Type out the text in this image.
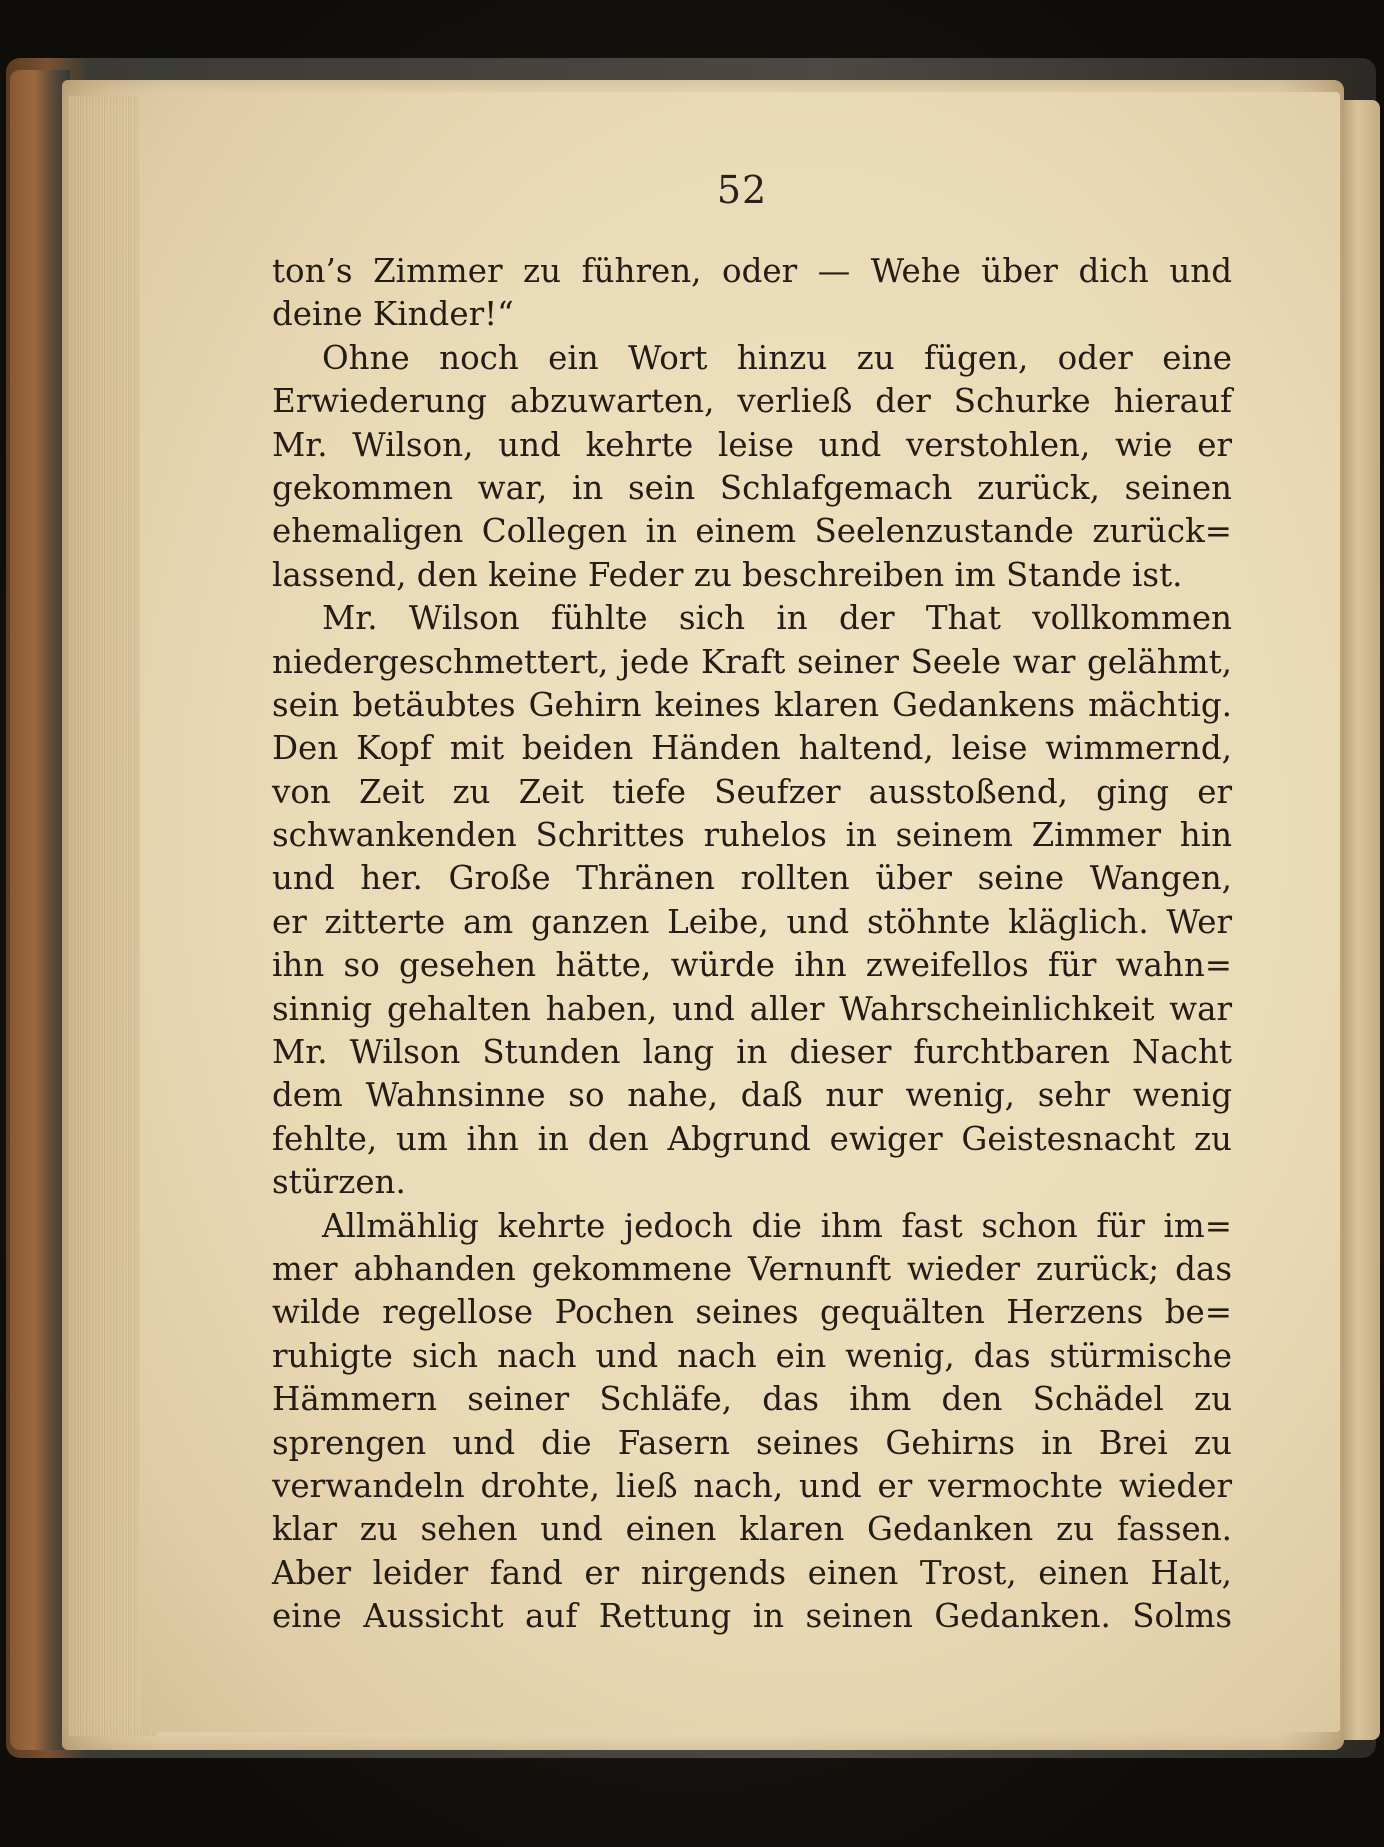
52
ton’s Zimmer zu führen, oder — Wehe über dich und
deine Kinder!“
Ohne noch ein Wort hinzu zu fügen, oder eine
Erwiederung abzuwarten, verließ der Schurke hierauf
Mr. Wilson, und kehrte leise und verstohlen, wie er
gekommen war, in sein Schlafgemach zurück, seinen
ehemaligen Collegen in einem Seelenzustande zurück=
lassend, den keine Feder zu beschreiben im Stande ist.
Mr. Wilson fühlte sich in der That vollkommen
niedergeschmettert, jede Kraft seiner Seele war gelähmt,
sein betäubtes Gehirn keines klaren Gedankens mächtig.
Den Kopf mit beiden Händen haltend, leise wimmernd,
von Zeit zu Zeit tiefe Seufzer ausstoßend, ging er
schwankenden Schrittes ruhelos in seinem Zimmer hin
und her. Große Thränen rollten über seine Wangen,
er zitterte am ganzen Leibe, und stöhnte kläglich. Wer
ihn so gesehen hätte, würde ihn zweifellos für wahn=
sinnig gehalten haben, und aller Wahrscheinlichkeit war
Mr. Wilson Stunden lang in dieser furchtbaren Nacht
dem Wahnsinne so nahe, daß nur wenig, sehr wenig
fehlte, um ihn in den Abgrund ewiger Geistesnacht zu
stürzen.
Allmählig kehrte jedoch die ihm fast schon für im=
mer abhanden gekommene Vernunft wieder zurück; das
wilde regellose Pochen seines gequälten Herzens be=
ruhigte sich nach und nach ein wenig, das stürmische
Hämmern seiner Schläfe, das ihm den Schädel zu
sprengen und die Fasern seines Gehirns in Brei zu
verwandeln drohte, ließ nach, und er vermochte wieder
klar zu sehen und einen klaren Gedanken zu fassen.
Aber leider fand er nirgends einen Trost, einen Halt,
eine Aussicht auf Rettung in seinen Gedanken. Solms
